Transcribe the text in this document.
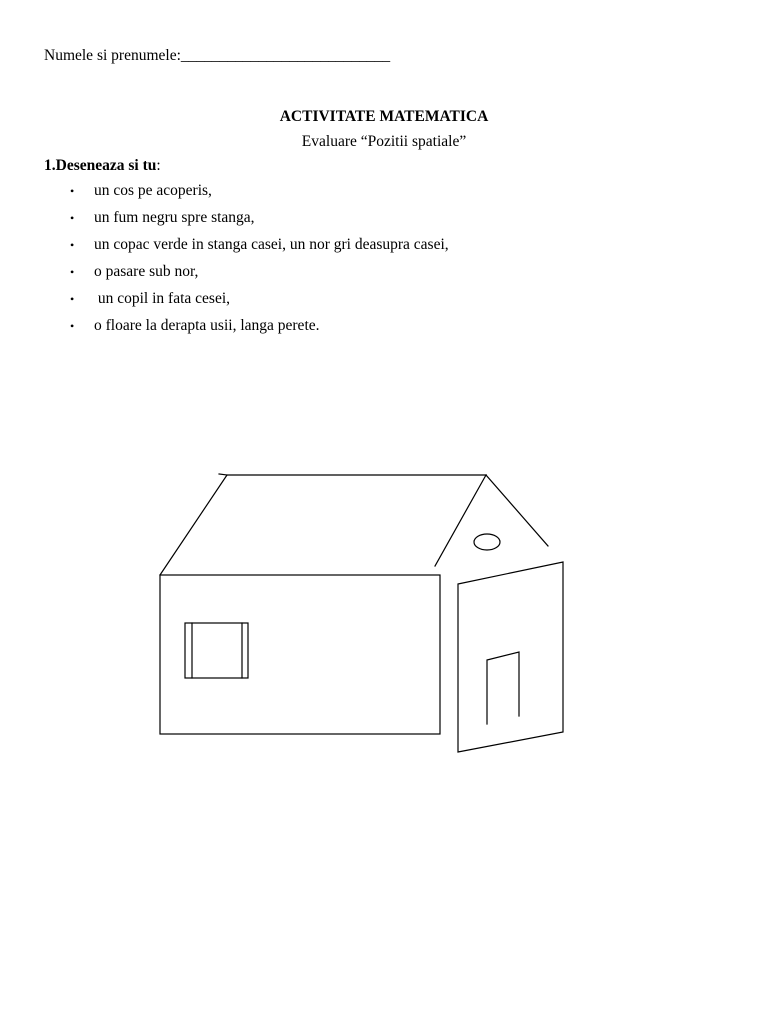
Numele si prenumele:___________________________
ACTIVITATE MATEMATICA
Evaluare “Pozitii spatiale”
1.Deseneaza si tu:
•	un cos pe acoperis,
•	un fum negru spre stanga,
•	un copac verde in stanga casei, un nor gri deasupra casei,
•	o pasare sub nor,
•	un copil in fata cesei,
•	o floare la derapta usii, langa perete.
